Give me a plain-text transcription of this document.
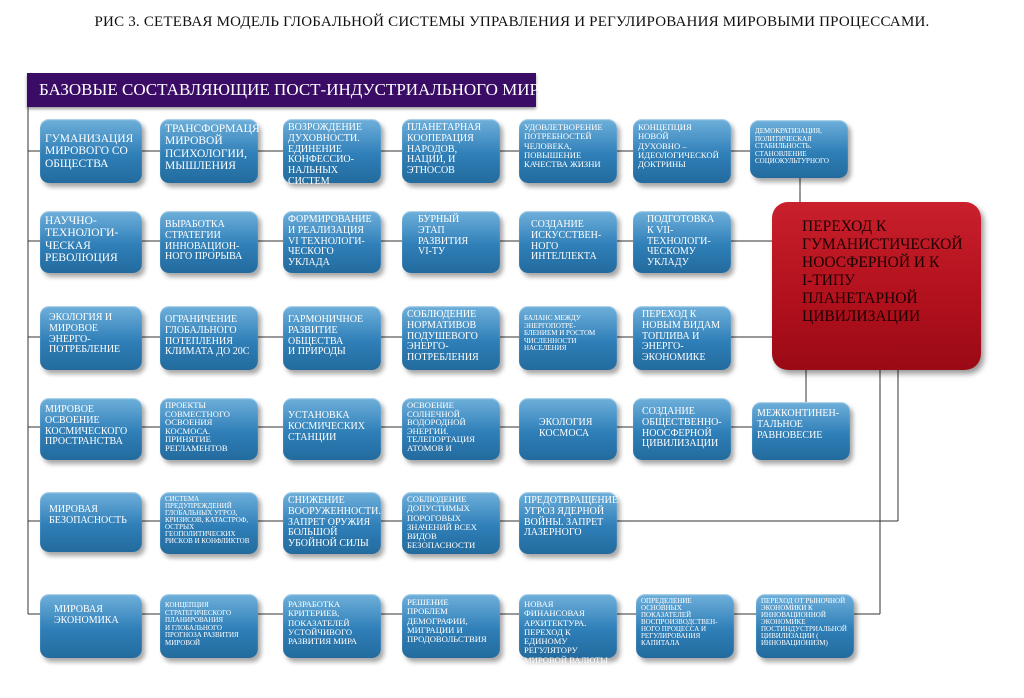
РИС 3. СЕТЕВАЯ МОДЕЛЬ ГЛОБАЛЬНОЙ СИСТЕМЫ УПРАВЛЕНИЯ И РЕГУЛИРОВАНИЯ МИРОВЫМИ ПРОЦЕССАМИ.
БАЗОВЫЕ СОСТАВЛЯЮЩИЕ ПОСТ-ИНДУСТРИАЛЬНОГО МИРА
ГУМАНИЗАЦИЯ
МИРОВОГО СО
ОБЩЕСТВА
ТРАНСФОРМАЦЯ
МИРОВОЙ
ПСИХОЛОГИИ,
МЫШЛЕНИЯ
ВОЗРОЖДЕНИЕ
ДУХОВНОСТИ.
ЕДИНЕНИЕ
КОНФЕССИО-
НАЛЬНЫХ СИСТЕМ
ПЛАНЕТАРНАЯ
КООПЕРАЦИЯ
НАРОДОВ,
НАЦИИ, И
ЭТНОСОВ
УДОВЛЕТВОРЕНИЕ
ПОТРЕБНОСТЕЙ
ЧЕЛОВЕКА,
ПОВЫШЕНИЕ
КАЧЕСТВА ЖИЗНИ
КОНЦЕПЦИЯ
НОВОЙ
ДУХОВНО –
ИДЕОЛОГИЧЕСКОЙ
ДОКТРИНЫ
ДЕМОКРАТИЗАЦИЯ,
ПОЛИТИЧЕСКАЯ
СТАБИЛЬНОСТЬ.
СТАНОВЛЕНИЕ
СОЦИОКУЛЬТУРНОГО
НАУЧНО-
ТЕХНОЛОГИ-
ЧЕСКАЯ
РЕВОЛЮЦИЯ
ВЫРАБОТКА
СТРАТЕГИИ
ИННОВАЦИОН-
НОГО ПРОРЫВА
ФОРМИРОВАНИЕ
И РЕАЛИЗАЦИЯ
VI ТЕХНОЛОГИ-
ЧЕСКОГО
УКЛАДА
БУРНЫЙ
ЭТАП
РАЗВИТИЯ
VI-ТУ
СОЗДАНИЕ
ИСКУССТВЕН-
НОГО
ИНТЕЛЛЕКТА
ПОДГОТОВКА
К VII-
ТЕХНОЛОГИ-
ЧЕСКОМУ
УКЛАДУ
ЭКОЛОГИЯ И
МИРОВОЕ
ЭНЕРГО-
ПОТРЕБЛЕНИЕ
ОГРАНИЧЕНИЕ
ГЛОБАЛЬНОГО
ПОТЕПЛЕНИЯ
КЛИМАТА ДО 20С
ГАРМОНИЧНОЕ
РАЗВИТИЕ
ОБЩЕСТВА
И ПРИРОДЫ
СОБЛЮДЕНИЕ
НОРМАТИВОВ
ПОДУШЕВОГО
ЭНЕРГО-
ПОТРЕБЛЕНИЯ
БАЛАНС МЕЖДУ
ЭНЕРГОПОТРЕ-
БЛЕНИЕМ И РОСТОМ
ЧИСЛЕННОСТИ
НАСЕЛЕНИЯ
ПЕРЕХОД К
НОВЫМ ВИДАМ
ТОПЛИВА И
ЭНЕРГО-
ЭКОНОМИКЕ
МИРОВОЕ
ОСВОЕНИЕ
КОСМИЧЕСКОГО
ПРОСТРАНСТВА
ПРОЕКТЫ
СОВМЕСТНОГО
ОСВОЕНИЯ
КОСМОСА.
ПРИНЯТИЕ
РЕГЛАМЕНТОВ
УСТАНОВКА
КОСМИЧЕСКИХ
СТАНЦИИ
ОСВОЕНИЕ
СОЛНЕЧНОЙ
ВОДОРОДНОЙ
ЭНЕРГИИ.
ТЕЛЕПОРТАЦИЯ
АТОМОВ И
ЭКОЛОГИЯ
КОСМОСА
СОЗДАНИЕ
ОБЩЕСТВЕННО-
НООСФЕРНОЙ
ЦИВИЛИЗАЦИИ
МЕЖКОНТИНЕН-
ТАЛЬНОЕ
РАВНОВЕСИЕ
МИРОВАЯ
БЕЗОПАСНОСТЬ
СИСТЕМА
ПРЕДУПРЕЖДЕНИЙ
ГЛОБАЛЬНЫХ УГРОЗ,
КРИЗИСОВ, КАТАСТРОФ,
ОСТРЫХ
ГЕОПОЛИТИЧЕСКИХ
РИСКОВ И КОНФЛИКТОВ
СНИЖЕНИЕ
ВООРУЖЕННОСТИ.
ЗАПРЕТ ОРУЖИЯ
БОЛЬШОЙ
УБОЙНОЙ СИЛЫ
СОБЛЮДЕНИЕ
ДОПУСТИМЫХ
ПОРОГОВЫХ
ЗНАЧЕНИЙ ВСЕХ
ВИДОВ
БЕЗОПАСНОСТИ
ПРЕДОТВРАЩЕНИЕ
УГРОЗ ЯДЕРНОЙ
ВОЙНЫ. ЗАПРЕТ
ЛАЗЕРНОГО
МИРОВАЯ
ЭКОНОМИКА
КОНЦЕПЦИЯ
СТРАТЕГИЧЕСКОГО
ПЛАНИРОВАНИЯ
И ГЛОБАЛЬНОГО
ПРОГНОЗА РАЗВИТИЯ
МИРОВОЙ
РАЗРАБОТКА
КРИТЕРИЕВ,
ПОКАЗАТЕЛЕЙ
УСТОЙЧИВОГО
РАЗВИТИЯ МИРА
РЕШЕНИЕ
ПРОБЛЕМ
ДЕМОГРАФИИ,
МИГРАЦИИ И
ПРОДОВОЛЬСТВИЯ
НОВАЯ ФИНАНСОВАЯ
АРХИТЕКТУРА.
ПЕРЕХОД К ЕДИНОМУ
РЕГУЛЯТОРУ
МИРОВОЙ ВАЛЮТЫ
ОПРЕДЕЛЕНИЕ
ОСНОВНЫХ
ПОКАЗАТЕЛЕЙ
ВОСПРОИЗВОДСТВЕН-
НОГО ПРОЦЕССА И
РЕГУЛИРОВАНИЯ
КАПИТАЛА
ПЕРЕХОД ОТ РЫНОЧНОЙ
ЭКОНОМИКИ К
ИННОВАЦИОННОЙ
ЭКОНОМИКЕ
ПОСТИНДУСТРИАЛЬНОЙ
ЦИВИЛИЗАЦИИ (
ИННОВАЦИОНИЗМ)
ПЕРЕХОД К
ГУМАНИСТИЧЕСКОЙ
НООСФЕРНОЙ И К
I-ТИПУ
ПЛАНЕТАРНОЙ
ЦИВИЛИЗАЦИИ
